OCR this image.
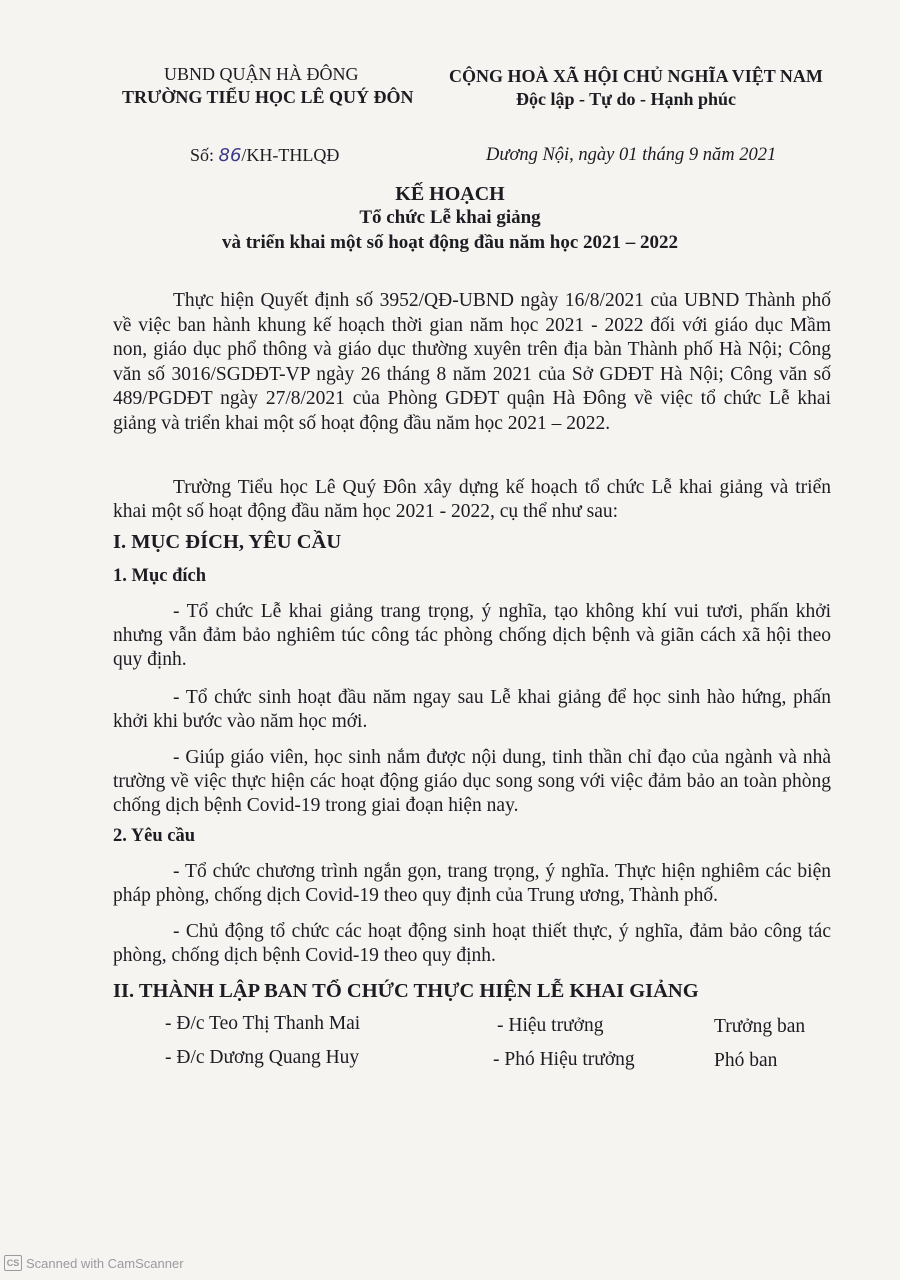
UBND QUẬN HÀ ĐÔNG
TRƯỜNG TIỂU HỌC LÊ QUÝ ĐÔN
CỘNG HOÀ XÃ HỘI CHỦ NGHĨA VIỆT NAM
Độc lập - Tự do - Hạnh phúc
Số: 86/KH-THLQĐ	Dương Nội, ngày 01 tháng 9 năm 2021
KẾ HOẠCH
Tổ chức Lễ khai giảng
và triển khai một số hoạt động đầu năm học 2021 – 2022
Thực hiện Quyết định số 3952/QĐ-UBND ngày 16/8/2021 của UBND Thành phố về việc ban hành khung kế hoạch thời gian năm học 2021 - 2022 đối với giáo dục Mầm non, giáo dục phổ thông và giáo dục thường xuyên trên địa bàn Thành phố Hà Nội; Công văn số 3016/SGDĐT-VP ngày 26 tháng 8 năm 2021 của Sở GDĐT Hà Nội; Công văn số 489/PGDĐT ngày 27/8/2021 của Phòng GDĐT quận Hà Đông về việc tổ chức Lễ khai giảng và triển khai một số hoạt động đầu năm học 2021 – 2022.
Trường Tiểu học Lê Quý Đôn xây dựng kế hoạch tổ chức Lễ khai giảng và triển khai một số hoạt động đầu năm học 2021 - 2022, cụ thể như sau:
I. MỤC ĐÍCH, YÊU CẦU
1. Mục đích
- Tổ chức Lễ khai giảng trang trọng, ý nghĩa, tạo không khí vui tươi, phấn khởi nhưng vẫn đảm bảo nghiêm túc công tác phòng chống dịch bệnh và giãn cách xã hội theo quy định.
- Tổ chức sinh hoạt đầu năm ngay sau Lễ khai giảng để học sinh hào hứng, phấn khởi khi bước vào năm học mới.
- Giúp giáo viên, học sinh nắm được nội dung, tinh thần chỉ đạo của ngành và nhà trường về việc thực hiện các hoạt động giáo dục song song với việc đảm bảo an toàn phòng chống dịch bệnh Covid-19 trong giai đoạn hiện nay.
2. Yêu cầu
- Tổ chức chương trình ngắn gọn, trang trọng, ý nghĩa. Thực hiện nghiêm các biện pháp phòng, chống dịch Covid-19 theo quy định của Trung ương, Thành phố.
- Chủ động tổ chức các hoạt động sinh hoạt thiết thực, ý nghĩa, đảm bảo công tác phòng, chống dịch bệnh Covid-19 theo quy định.
II. THÀNH LẬP BAN TỔ CHỨC THỰC HIỆN LỄ KHAI GIẢNG
- Đ/c Teo Thị Thanh Mai	- Hiệu trưởng	Trưởng ban
- Đ/c Dương Quang Huy	- Phó Hiệu trưởng	Phó ban
CS Scanned with CamScanner
